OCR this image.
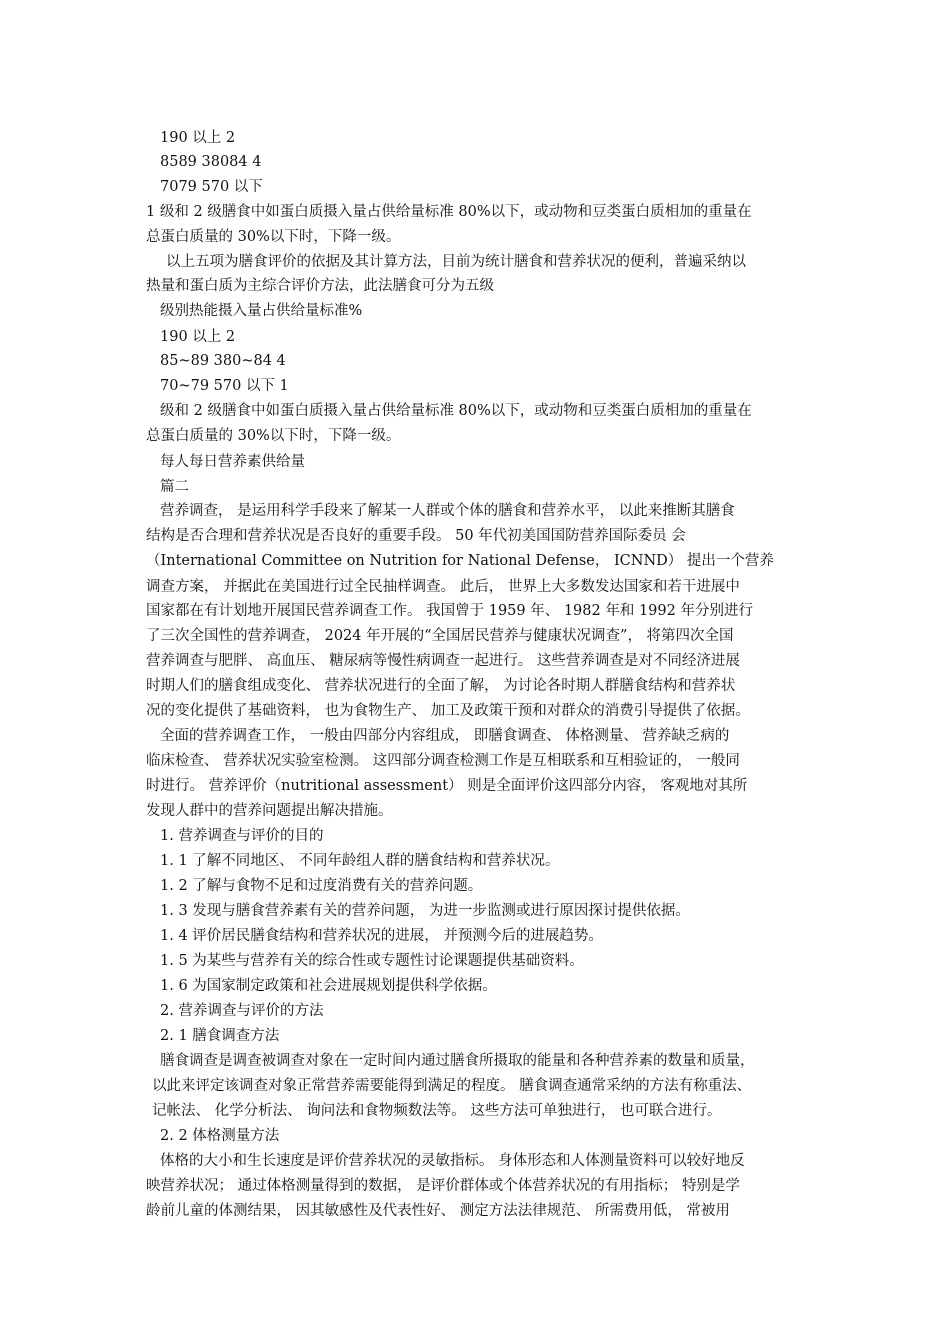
190 以上 2
8589 38084 4
7079 570 以下
1 级和 2 级膳食中如蛋白质摄入量占供给量标准 80%以下，或动物和豆类蛋白质相加的重量在
总蛋白质量的 30%以下时，下降一级。
以上五项为膳食评价的依据及其计算方法，目前为统计膳食和营养状况的便利，普遍采纳以
热量和蛋白质为主综合评价方法，此法膳食可分为五级
级别热能摄入量占供给量标准%
190 以上 2
85~89 380~84 4
70~79 570 以下 1
级和 2 级膳食中如蛋白质摄入量占供给量标准 80%以下，或动物和豆类蛋白质相加的重量在
总蛋白质量的 30%以下时，下降一级。
每人每日营养素供给量
篇二
营养调查， 是运用科学手段来了解某一人群或个体的膳食和营养水平， 以此来推断其膳食
结构是否合理和营养状况是否良好的重要手段。 50 年代初美国国防营养国际委员 会
（International Committee on Nutrition for National Defense， ICNND） 提出一个营养
调查方案， 并据此在美国进行过全民抽样调查。 此后， 世界上大多数发达国家和若干进展中
国家都在有计划地开展国民营养调查工作。 我国曾于 1959 年、 1982 年和 1992 年分别进行
了三次全国性的营养调查， 2024 年开展的“全国居民营养与健康状况调查”， 将第四次全国
营养调查与肥胖、 高血压、 糖尿病等慢性病调查一起进行。 这些营养调查是对不同经济进展
时期人们的膳食组成变化、 营养状况进行的全面了解， 为讨论各时期人群膳食结构和营养状
况的变化提供了基础资料， 也为食物生产、 加工及政策干预和对群众的消费引导提供了依据。
全面的营养调查工作， 一般由四部分内容组成， 即膳食调查、 体格测量、 营养缺乏病的
临床检查、 营养状况实验室检测。 这四部分调查检测工作是互相联系和互相验证的， 一般同
时进行。 营养评价（nutritional assessment） 则是全面评价这四部分内容， 客观地对其所
发现人群中的营养问题提出解决措施。
1. 营养调查与评价的目的
1. 1 了解不同地区、 不同年龄组人群的膳食结构和营养状况。
1. 2 了解与食物不足和过度消费有关的营养问题。
1. 3 发现与膳食营养素有关的营养问题， 为进一步监测或进行原因探讨提供依据。
1. 4 评价居民膳食结构和营养状况的进展， 并预测今后的进展趋势。
1. 5 为某些与营养有关的综合性或专题性讨论课题提供基础资料。
1. 6 为国家制定政策和社会进展规划提供科学依据。
2. 营养调查与评价的方法
2. 1 膳食调查方法
膳食调查是调查被调查对象在一定时间内通过膳食所摄取的能量和各种营养素的数量和质量，
以此来评定该调查对象正常营养需要能得到满足的程度。 膳食调查通常采纳的方法有称重法、
记帐法、 化学分析法、 询问法和食物频数法等。 这些方法可单独进行， 也可联合进行。
2. 2 体格测量方法
体格的大小和生长速度是评价营养状况的灵敏指标。 身体形态和人体测量资料可以较好地反
映营养状况； 通过体格测量得到的数据， 是评价群体或个体营养状况的有用指标； 特别是学
龄前儿童的体测结果， 因其敏感性及代表性好、 测定方法法律规范、 所需费用低， 常被用
